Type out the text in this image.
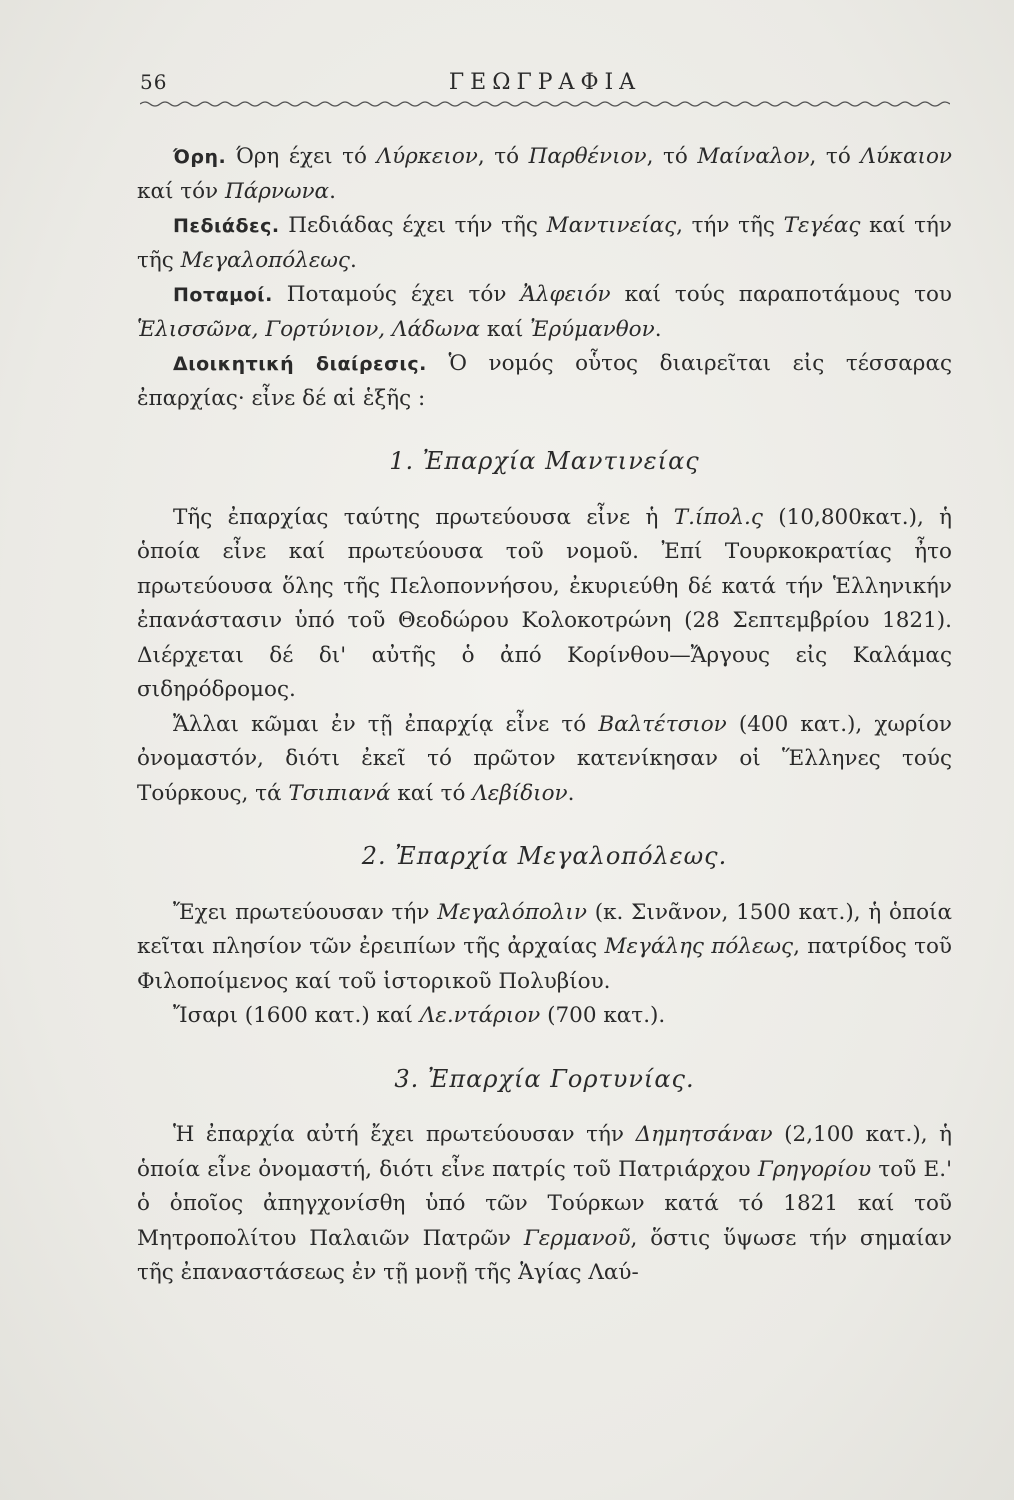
56	ΓΕΩΓΡΑΦΙΑ

Όρη. Όρη έχει τό Λύρκειον, τό Παρθένιον, τό Μαίναλον, τό Λύκαιον καί τόν Πάρνωνα.

Πεδιάδες. Πεδιάδας έχει τήν τῆς Μαντινείας, τήν τῆς Τεγέας καί τήν τῆς Μεγαλοπόλεως.

Ποταμοί. Ποταμούς έχει τόν Ἀλφειόν καί τούς παραποτάμους του Ἑλισσῶνα, Γορτύνιον, Λάδωνα καί Ἐρύμανθον.

Διοικητική διαίρεσις. Ὁ νομός οὗτος διαιρεῖται εἰς τέσσαρας ἐπαρχίας· εἶνε δέ αἱ ἑξῆς :

1. Ἐπαρχία Μαντινείας

Τῆς ἐπαρχίας ταύτης πρωτεύουσα εἶνε ἡ Τ.ίπολ.ς (10,800κατ.), ἡ ὁποία εἶνε καί πρωτεύουσα τοῦ νομοῦ. Ἐπί Τουρκοκρατίας ἦτο πρωτεύουσα ὅλης τῆς Πελοποννήσου, ἐκυριεύθη δέ κατά τήν Ἑλληνικήν ἐπανάστασιν ὑπό τοῦ Θεοδώρου Κολοκοτρώνη (28 Σεπτεμβρίου 1821). Διέρχεται δέ δι' αὐτῆς ὁ ἀπό Κορίνθου—Ἄργους εἰς Καλάμας σιδηρόδρομος.

Ἄλλαι κῶμαι ἐν τῇ ἐπαρχίᾳ εἶνε τό Βαλτέτσιον (400 κατ.), χωρίον ὀνομαστόν, διότι ἐκεῖ τό πρῶτον κατενίκησαν οἱ Ἕλληνες τούς Τούρκους, τά Τσιπιανά καί τό Λεβίδιον.

2. Ἐπαρχία Μεγαλοπόλεως.

Ἔχει πρωτεύουσαν τήν Μεγαλόπολιν (κ. Σινᾶνον, 1500 κατ.), ἡ ὁποία κεῖται πλησίον τῶν ἐρειπίων τῆς ἀρχαίας Μεγάλης πόλεως, πατρίδος τοῦ Φιλοποίμενος καί τοῦ ἱστορικοῦ Πολυβίου.

Ἴσαρι (1600 κατ.) καί Λε.ντάριον (700 κατ.).

3. Ἐπαρχία Γορτυνίας.

Ἡ ἐπαρχία αὐτή ἔχει πρωτεύουσαν τήν Δημητσάναν (2,100 κατ.), ἡ ὁποία εἶνε ὀνομαστή, διότι εἶνε πατρίς τοῦ Πατριάρχου Γρηγορίου τοῦ Ε.' ὁ ὁποῖος ἀπηγχονίσθη ὑπό τῶν Τούρκων κατά τό 1821 καί τοῦ Μητροπολίτου Παλαιῶν Πατρῶν Γερμανοῦ, ὅστις ὕψωσε τήν σημαίαν τῆς ἐπαναστάσεως ἐν τῇ μονῇ τῆς Ἁγίας Λαύ-
